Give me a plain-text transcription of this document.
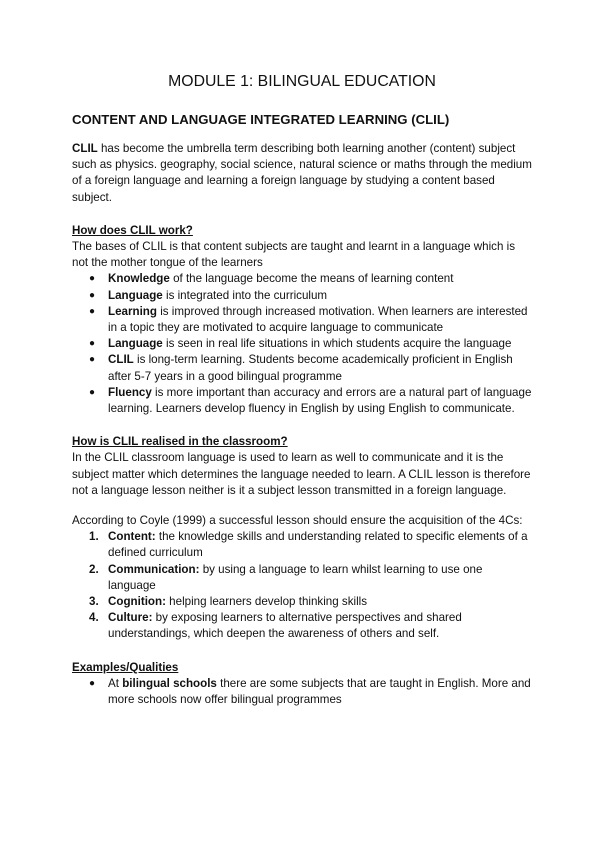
MODULE 1: BILINGUAL EDUCATION
CONTENT AND LANGUAGE INTEGRATED LEARNING (CLIL)

CLIL has become the umbrella term describing both learning another (content) subject such as physics. geography, social science, natural science or maths through the medium of a foreign language and learning a foreign language by studying a content based subject.

How does CLIL work?

The bases of CLIL is that content subjects are taught and learnt in a language which is not the mother tongue of the learners

● Knowledge of the language become the means of learning content
● Language is integrated into the curriculum
● Learning is improved through increased motivation. When learners are interested in a topic they are motivated to acquire language to communicate
● Language is seen in real life situations in which students acquire the language
● CLIL is long-term learning. Students become academically proficient in English after 5-7 years in a good bilingual programme
● Fluency is more important than accuracy and errors are a natural part of language learning. Learners develop fluency in English by using English to communicate.

How is CLIL realised in the classroom?

In the CLIL classroom language is used to learn as well to communicate and it is the subject matter which determines the language needed to learn. A CLIL lesson is therefore not a language lesson neither is it a subject lesson transmitted in a foreign language.

According to Coyle (1999) a successful lesson should ensure the acquisition of the 4Cs:

1. Content: the knowledge skills and understanding related to specific elements of a defined curriculum
2. Communication: by using a language to learn whilst learning to use one language
3. Cognition: helping learners develop thinking skills
4. Culture: by exposing learners to alternative perspectives and shared understandings, which deepen the awareness of others and self.

Examples/Qualities

● At bilingual schools there are some subjects that are taught in English. More and more schools now offer bilingual programmes
